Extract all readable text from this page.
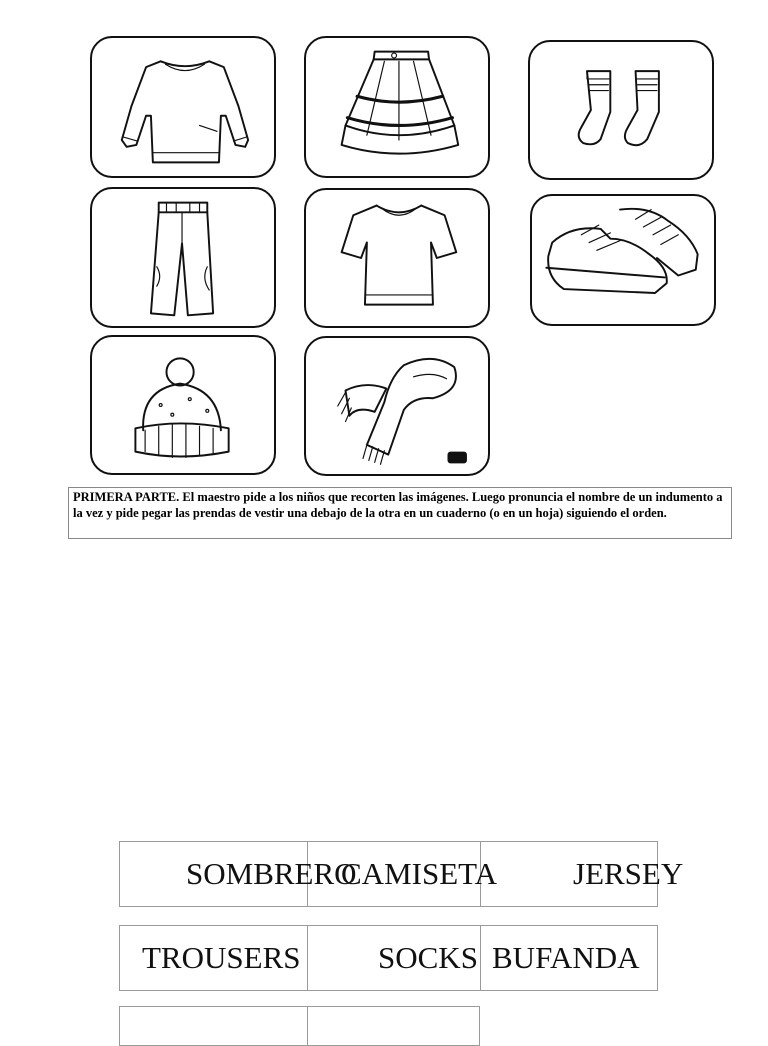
PRIMERA PARTE. El maestro pide a los niños que recorten las imágenes. Luego pronuncia el nombre de un indumento a la vez y pide pegar las prendas de vestir una debajo de la otra en un cuaderno (o en un hoja) siguiendo el orden.
SOMBRERO
CAMISETA JERSEY
TROUSERS	SOCKS BUFANDA
